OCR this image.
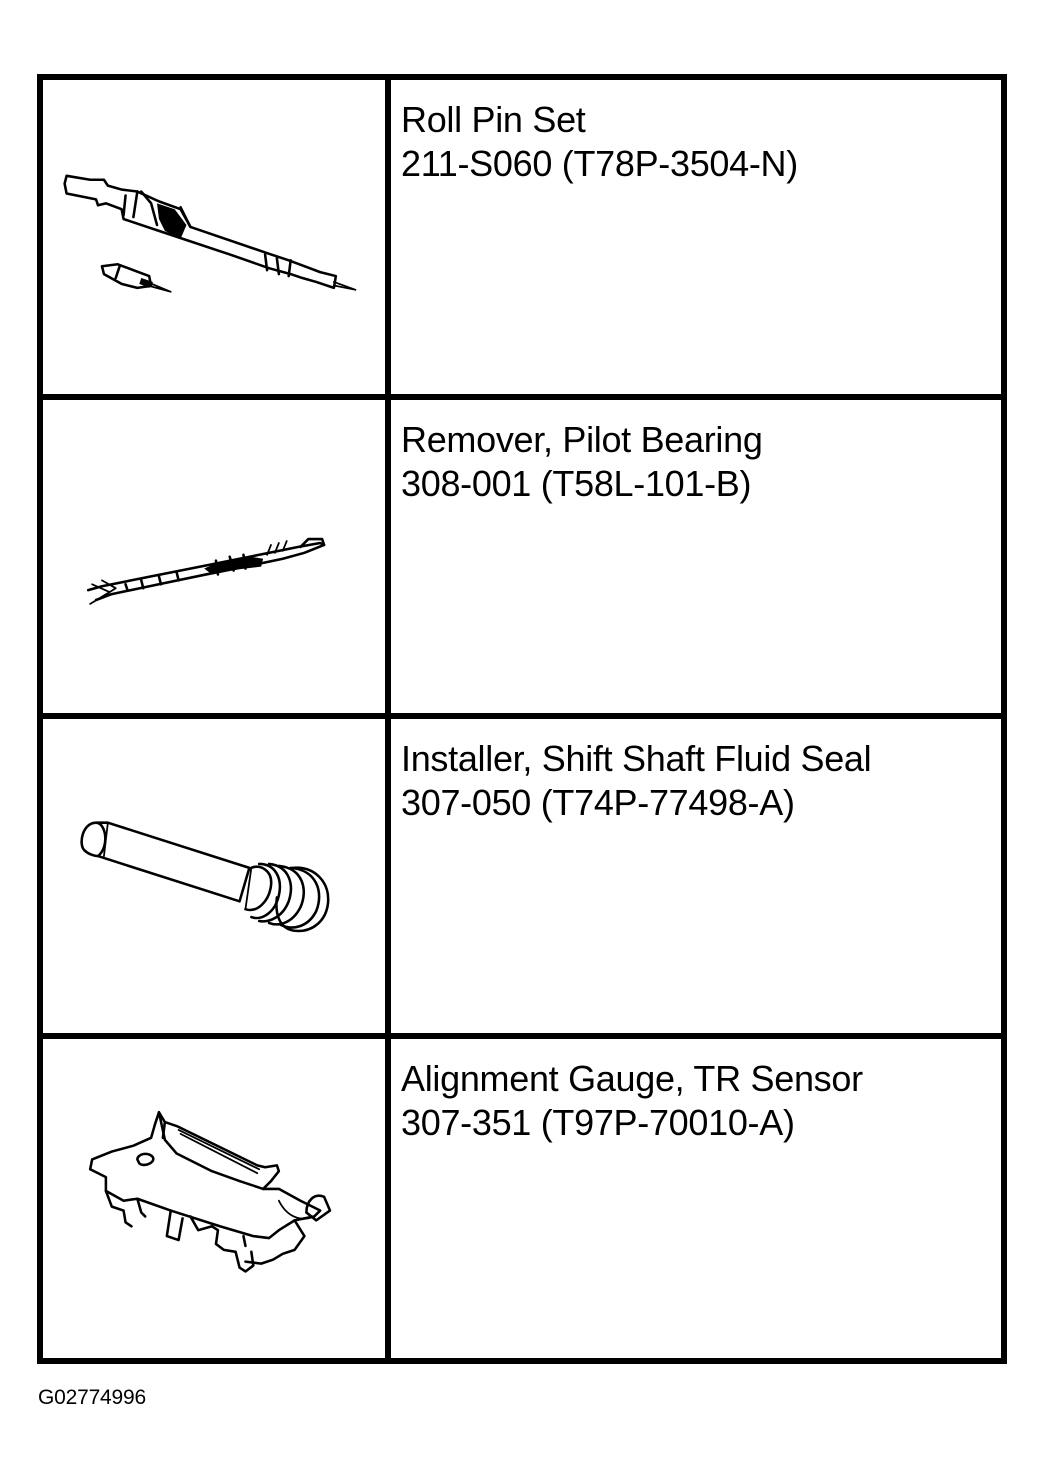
Roll Pin Set
211-S060 (T78P-3504-N)
Remover, Pilot Bearing
308-001 (T58L-101-B)
Installer, Shift Shaft Fluid Seal
307-050 (T74P-77498-A)
Alignment Gauge, TR Sensor
307-351 (T97P-70010-A)
G02774996
